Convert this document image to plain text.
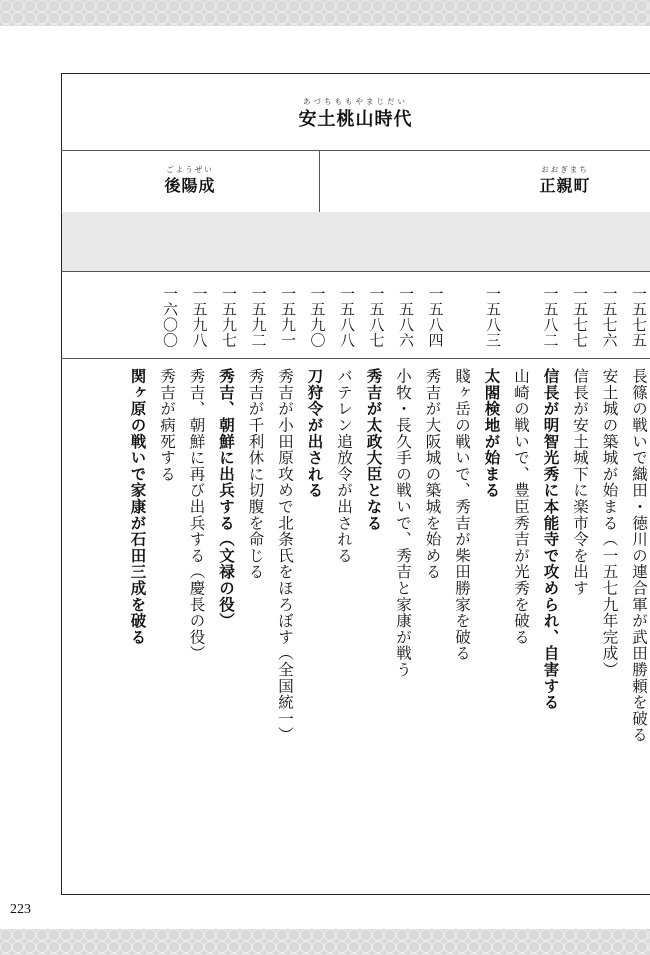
あづちももやまじだい
安土桃山時代
おおぎまち
正親町
ごようぜい
後陽成
一五七五
一五七六
一五七七
一五八二
一五八三
一五八四
一五八六
一五八七
一五八八
一五九〇
一五九一
一五九二
一五九七
一五九八
一六〇〇
長篠の戦いで織田・徳川の連合軍が武田勝頼を破る
安土城の築城が始まる（一五七九年完成）
信長が安土城下に楽市令を出す
信長が明智光秀に本能寺で攻められ、自害する
山崎の戦いで、豊臣秀吉が光秀を破る
太閤検地が始まる
賤ヶ岳の戦いで、秀吉が柴田勝家を破る
秀吉が大阪城の築城を始める
小牧・長久手の戦いで、秀吉と家康が戦う
秀吉が太政大臣となる
バテレン追放令が出される
刀狩令が出される
秀吉が小田原攻めで北条氏をほろぼす（全国統一）
秀吉が千利休に切腹を命じる
秀吉、朝鮮に出兵する（文禄の役）
秀吉、朝鮮に再び出兵する（慶長の役）
秀吉が病死する
関ヶ原の戦いで家康が石田三成を破る
223
